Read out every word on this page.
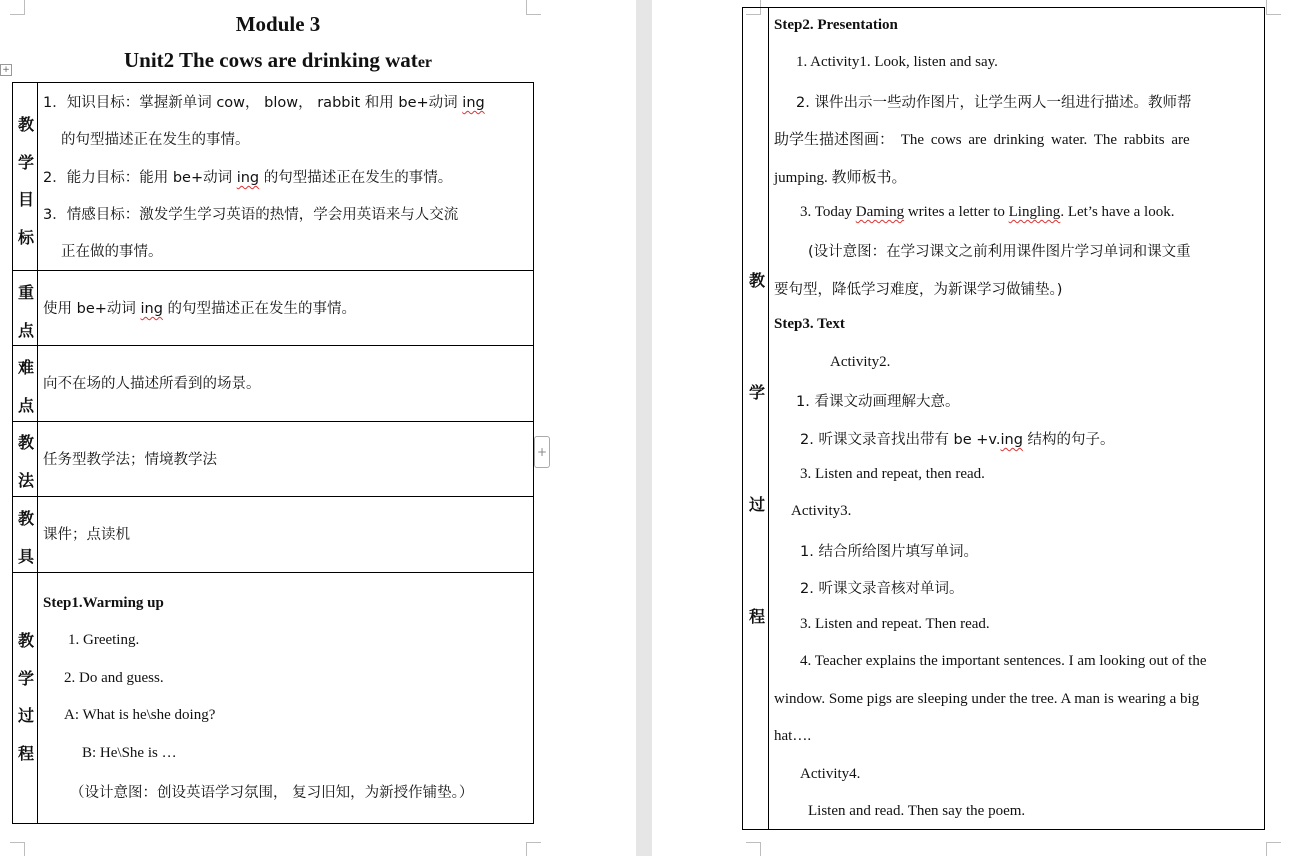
Module 3
Unit2 The cows are drinking water
+
教
学
目
标
1．知识目标：掌握新单词 cow， blow， rabbit 和用 be+动词 ing
的句型描述正在发生的事情。
2．能力目标：能用 be+动词 ing 的句型描述正在发生的事情。
3．情感目标：激发学生学习英语的热情，学会用英语来与人交流
正在做的事情。
重
点
使用 be+动词 ing 的句型描述正在发生的事情。
难
点
向不在场的人描述所看到的场景。
教
法
任务型教学法；情境教学法
教
具
课件；点读机
教
学
过
程
Step1.Warming up
1. Greeting.
2. Do and guess.
A: What is he\she doing?
B: He\She is …
（设计意图：创设英语学习氛围， 复习旧知，为新授作铺垫。）
+
教
学
过
程
Step2. Presentation
1. Activity1. Look, listen and say.
2. 课件出示一些动作图片，让学生两人一组进行描述。教师帮
助学生描述图画： The cows are drinking water. The rabbits are
jumping. 教师板书。
3. Today Daming writes a letter to Lingling. Let’s have a look.
(设计意图：在学习课文之前利用课件图片学习单词和课文重
要句型，降低学习难度，为新课学习做铺垫。)
Step3. Text
Activity2.
1. 看课文动画理解大意。
2. 听课文录音找出带有 be +v.ing 结构的句子。
3. Listen and repeat, then read.
Activity3.
1. 结合所给图片填写单词。
2. 听课文录音核对单词。
3. Listen and repeat. Then read.
4. Teacher explains the important sentences. I am looking out of the
window. Some pigs are sleeping under the tree. A man is wearing a big
hat….
Activity4.
Listen and read. Then say the poem.
